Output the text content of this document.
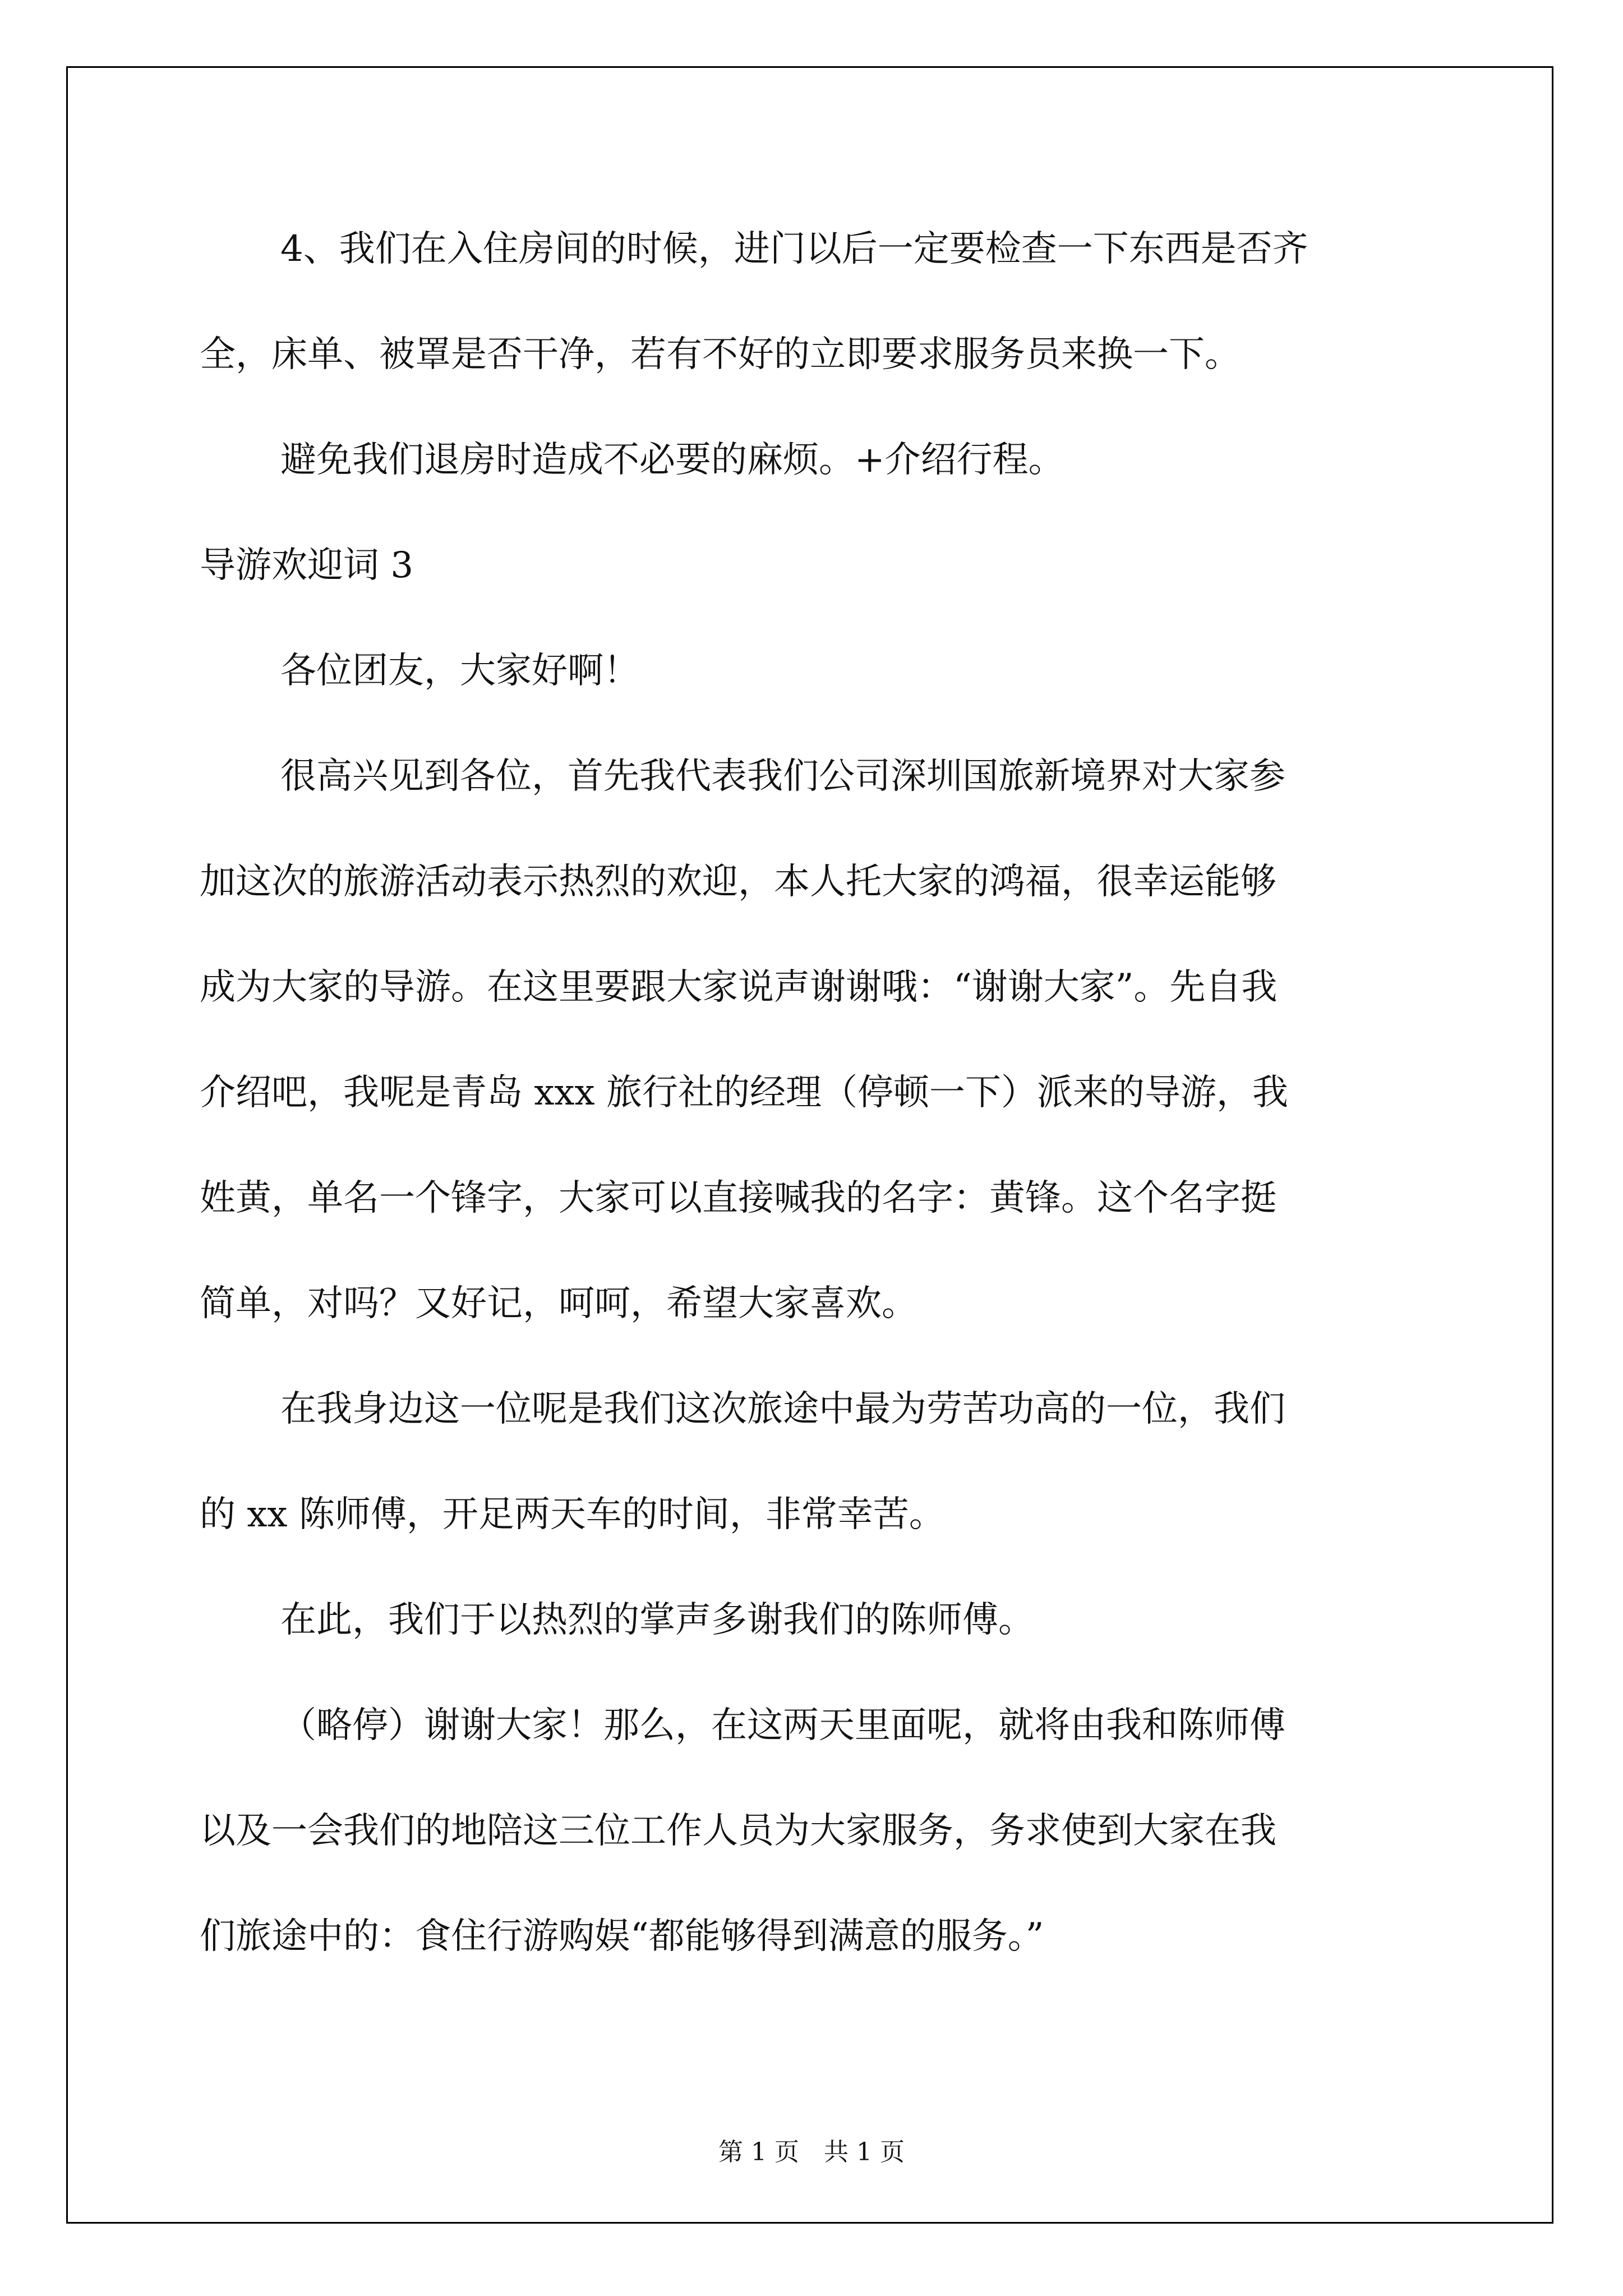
4、我们在入住房间的时候，进门以后一定要检查一下东西是否齐
全，床单、被罩是否干净，若有不好的立即要求服务员来换一下。
避免我们退房时造成不必要的麻烦。+介绍行程。
导游欢迎词 3
各位团友，大家好啊！
很高兴见到各位，首先我代表我们公司深圳国旅新境界对大家参
加这次的旅游活动表示热烈的欢迎，本人托大家的鸿福，很幸运能够
成为大家的导游。在这里要跟大家说声谢谢哦：“谢谢大家”。先自我
介绍吧，我呢是青岛 xxx 旅行社的经理（停顿一下）派来的导游，我
姓黄，单名一个锋字，大家可以直接喊我的名字：黄锋。这个名字挺
简单，对吗？又好记，呵呵，希望大家喜欢。
在我身边这一位呢是我们这次旅途中最为劳苦功高的一位，我们
的 xx 陈师傅，开足两天车的时间，非常幸苦。
在此，我们于以热烈的掌声多谢我们的陈师傅。
（略停）谢谢大家！那么，在这两天里面呢，就将由我和陈师傅
以及一会我们的地陪这三位工作人员为大家服务，务求使到大家在我
们旅途中的：食住行游购娱“都能够得到满意的服务。”
第 1 页　共 1 页
